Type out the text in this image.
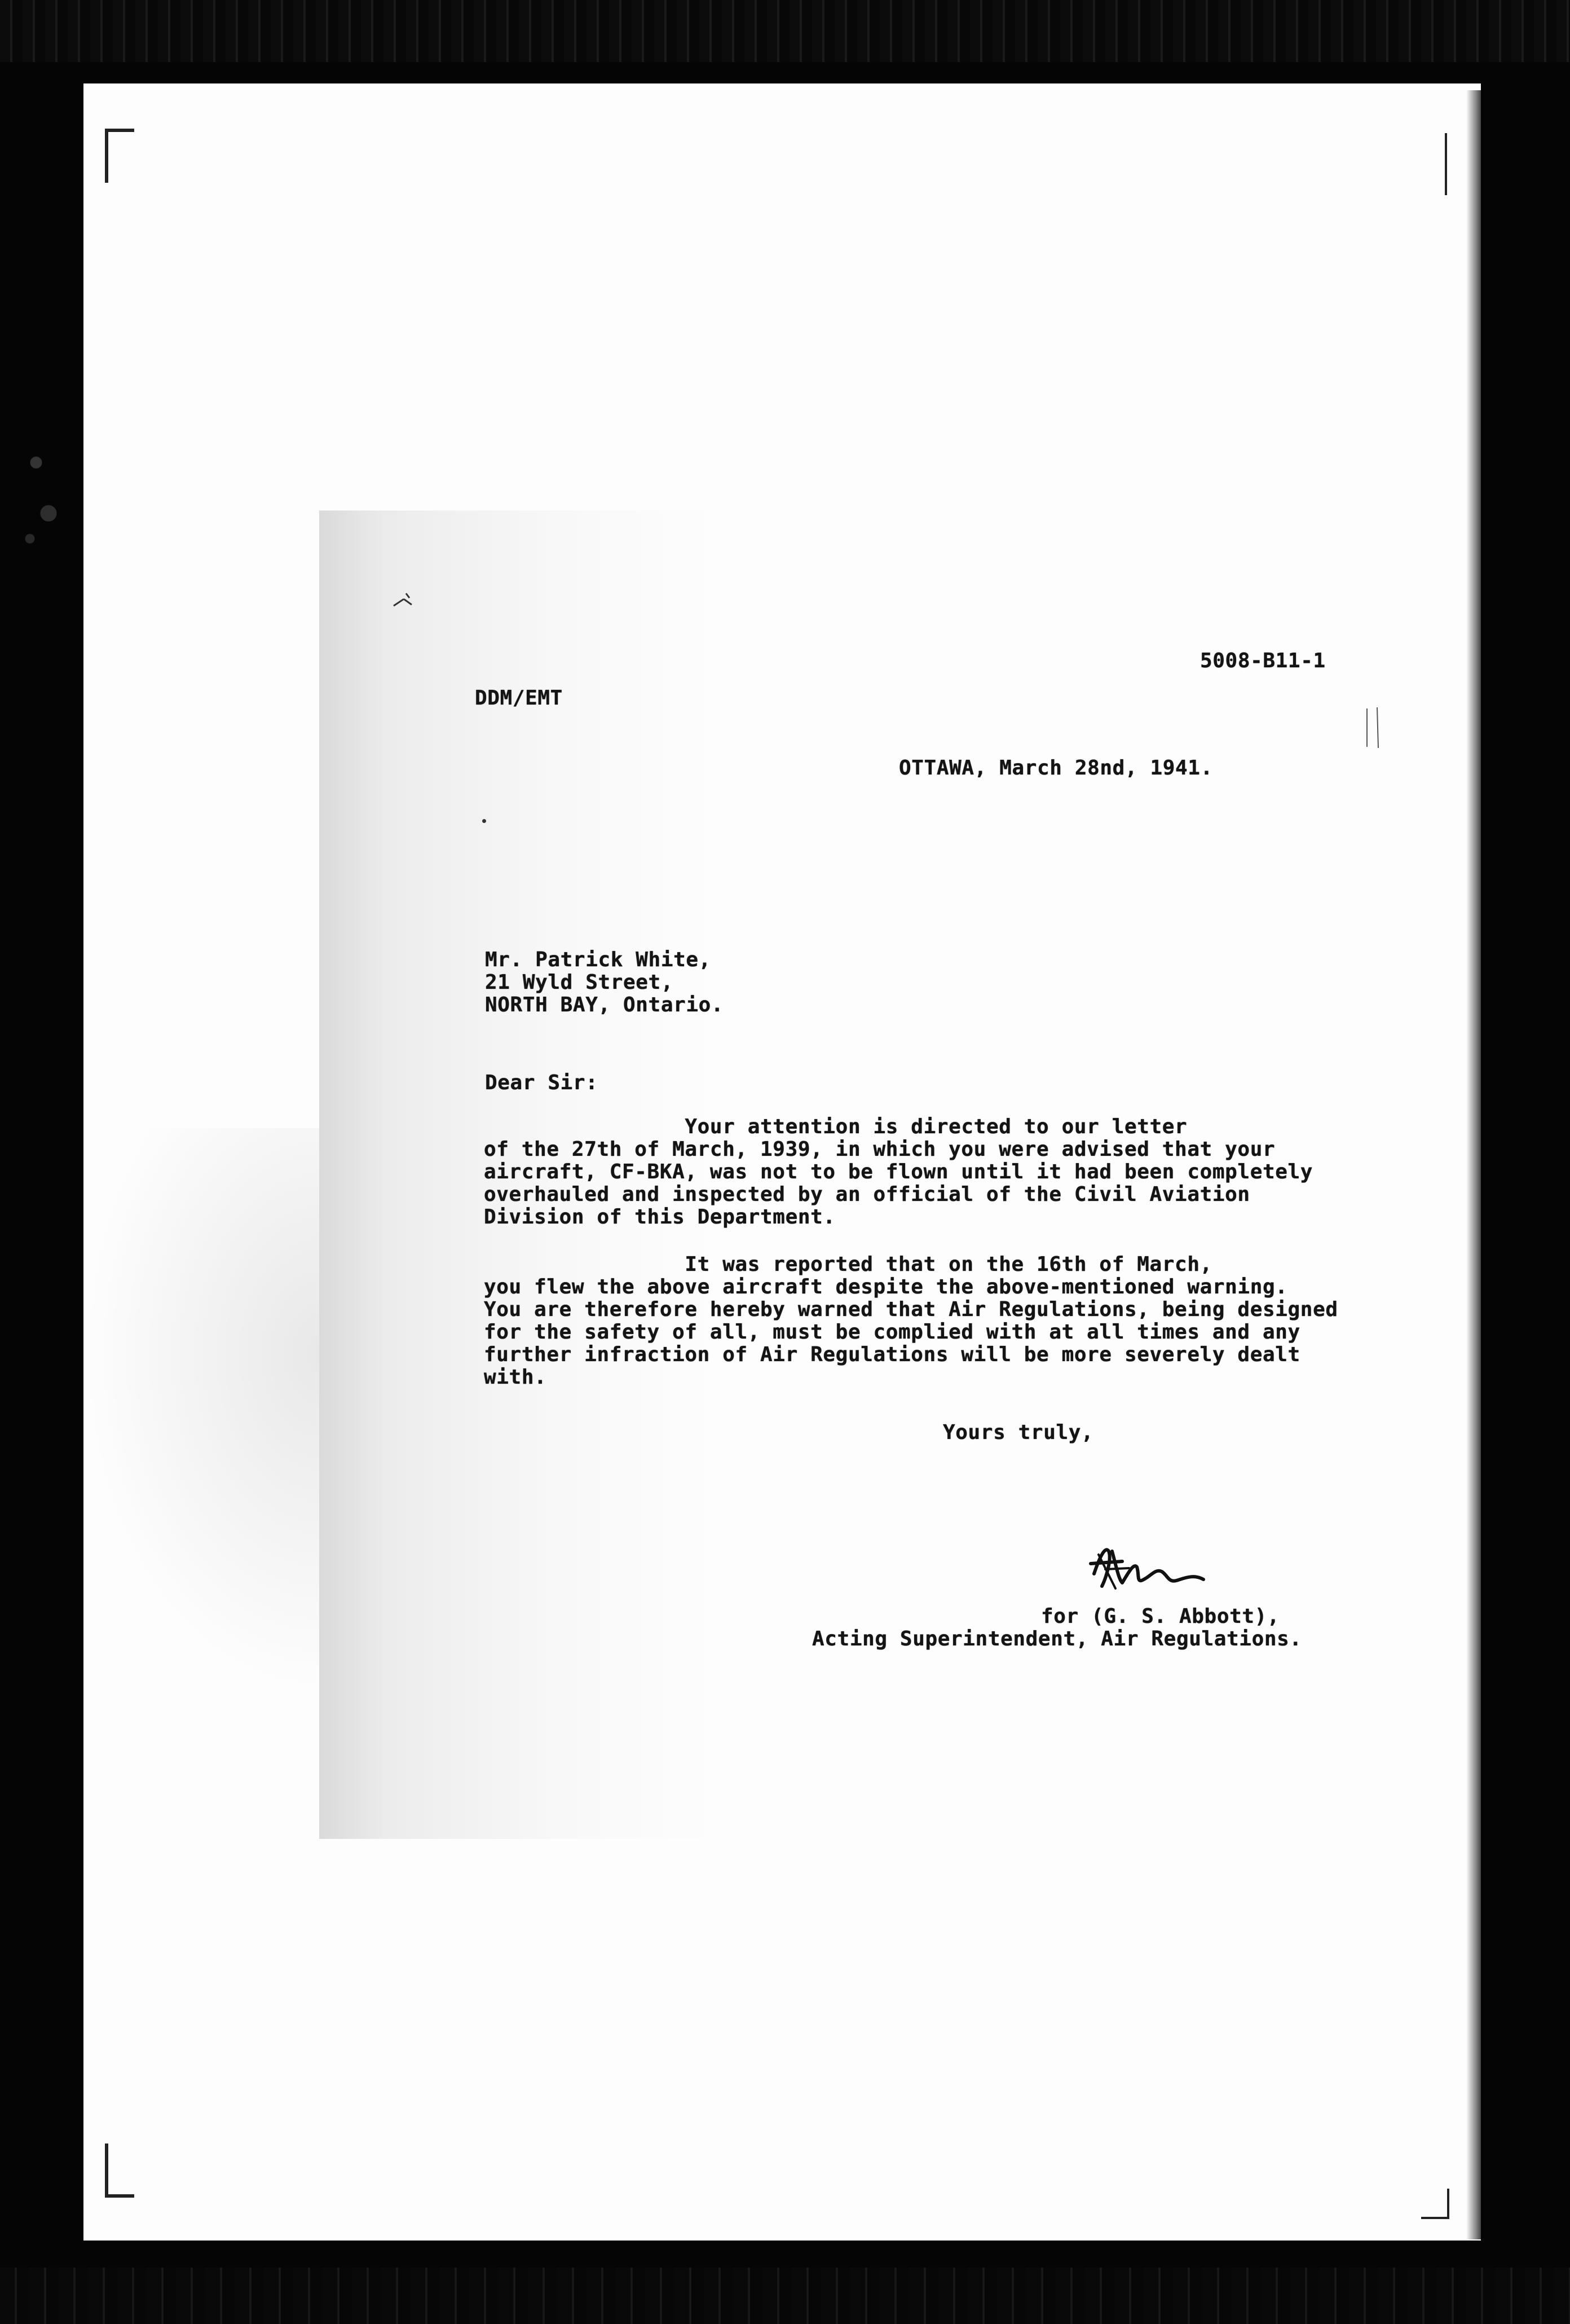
5008-B11-1
DDM/EMT
OTTAWA, March 28nd, 1941.
Mr. Patrick White,
21 Wyld Street,
NORTH BAY, Ontario.
Dear Sir:
Your attention is directed to our letter
of the 27th of March, 1939, in which you were advised that your
aircraft, CF-BKA, was not to be flown until it had been completely
overhauled and inspected by an official of the Civil Aviation
Division of this Department.
It was reported that on the 16th of March,
you flew the above aircraft despite the above-mentioned warning.
You are therefore hereby warned that Air Regulations, being designed
for the safety of all, must be complied with at all times and any
further infraction of Air Regulations will be more severely dealt
with.
Yours truly,
for (G. S. Abbott),
Acting Superintendent, Air Regulations.
